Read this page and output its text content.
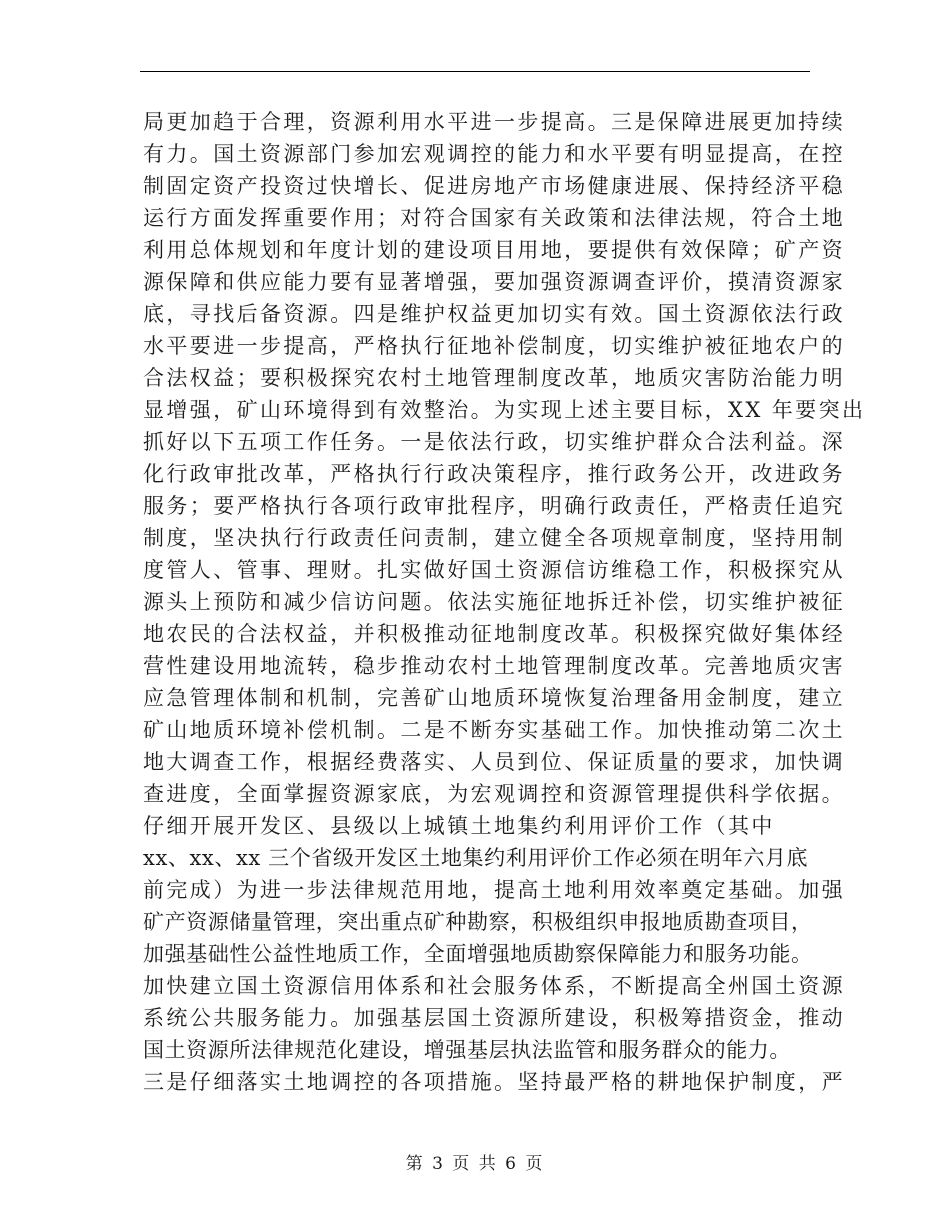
局更加趋于合理，资源利用水平进一步提高。三是保障进展更加持续
有力。国土资源部门参加宏观调控的能力和水平要有明显提高，在控
制固定资产投资过快增长、促进房地产市场健康进展、保持经济平稳
运行方面发挥重要作用；对符合国家有关政策和法律法规，符合土地
利用总体规划和年度计划的建设项目用地，要提供有效保障；矿产资
源保障和供应能力要有显著增强，要加强资源调查评价，摸清资源家
底，寻找后备资源。四是维护权益更加切实有效。国土资源依法行政
水平要进一步提高，严格执行征地补偿制度，切实维护被征地农户的
合法权益；要积极探究农村土地管理制度改革，地质灾害防治能力明
显增强，矿山环境得到有效整治。为实现上述主要目标，XX 年要突出
抓好以下五项工作任务。一是依法行政，切实维护群众合法利益。深
化行政审批改革，严格执行行政决策程序，推行政务公开，改进政务
服务；要严格执行各项行政审批程序，明确行政责任，严格责任追究
制度，坚决执行行政责任问责制，建立健全各项规章制度，坚持用制
度管人、管事、理财。扎实做好国土资源信访维稳工作，积极探究从
源头上预防和减少信访问题。依法实施征地拆迁补偿，切实维护被征
地农民的合法权益，并积极推动征地制度改革。积极探究做好集体经
营性建设用地流转，稳步推动农村土地管理制度改革。完善地质灾害
应急管理体制和机制，完善矿山地质环境恢复治理备用金制度，建立
矿山地质环境补偿机制。二是不断夯实基础工作。加快推动第二次土
地大调查工作，根据经费落实、人员到位、保证质量的要求，加快调
查进度，全面掌握资源家底，为宏观调控和资源管理提供科学依据。
仔细开展开发区、县级以上城镇土地集约利用评价工作（其中
xx、xx、xx 三个省级开发区土地集约利用评价工作必须在明年六月底
前完成）为进一步法律规范用地，提高土地利用效率奠定基础。加强
矿产资源储量管理，突出重点矿种勘察，积极组织申报地质勘查项目，
加强基础性公益性地质工作，全面增强地质勘察保障能力和服务功能。
加快建立国土资源信用体系和社会服务体系，不断提高全州国土资源
系统公共服务能力。加强基层国土资源所建设，积极筹措资金，推动
国土资源所法律规范化建设，增强基层执法监管和服务群众的能力。
三是仔细落实土地调控的各项措施。坚持最严格的耕地保护制度，严
第 3 页 共 6 页
